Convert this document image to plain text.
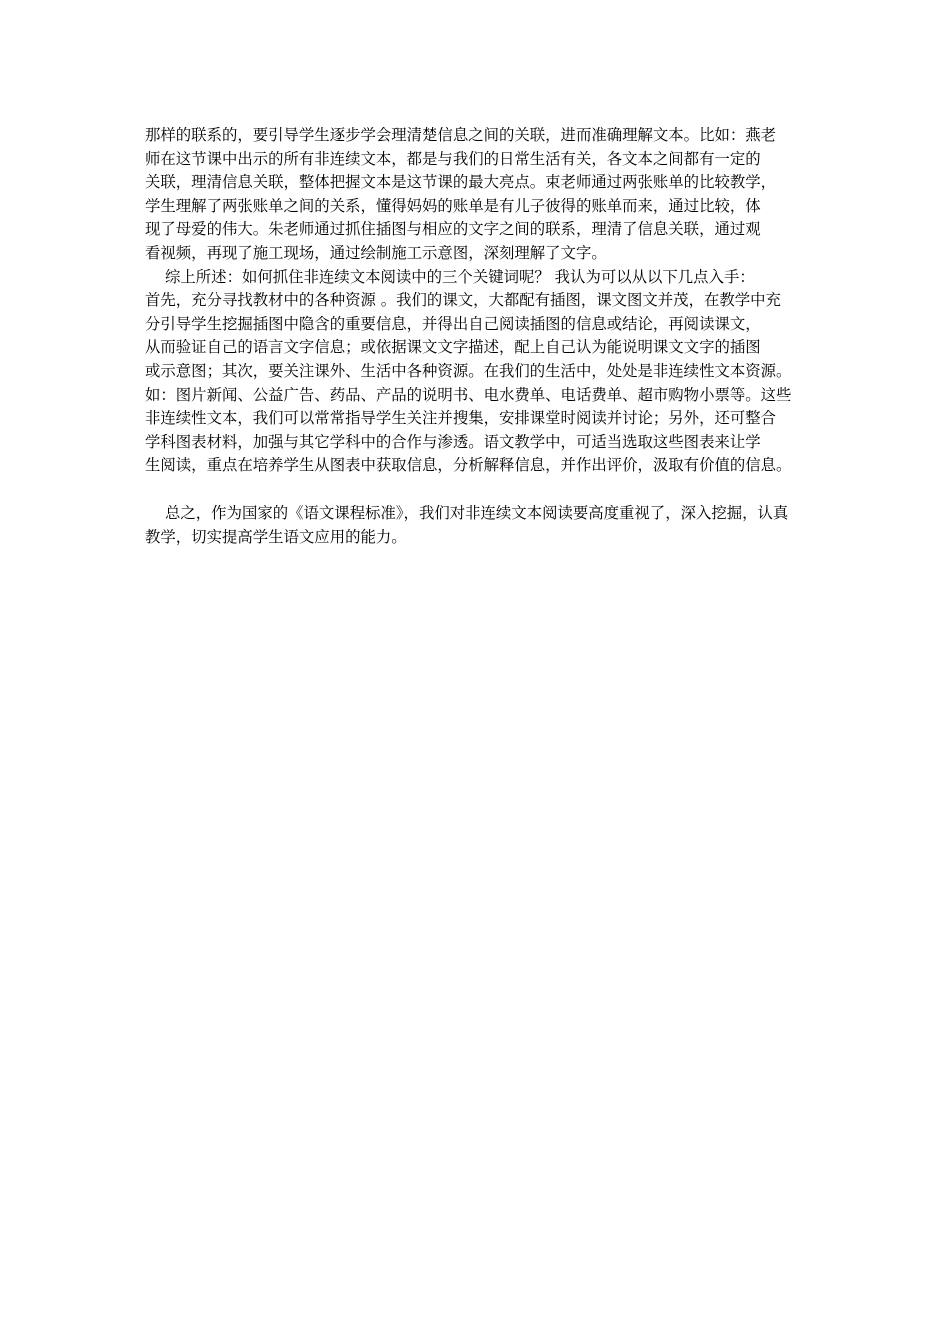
那样的联系的，要引导学生逐步学会理清楚信息之间的关联，进而准确理解文本。比如：燕老
师在这节课中出示的所有非连续文本，都是与我们的日常生活有关，各文本之间都有一定的
关联，理清信息关联，整体把握文本是这节课的最大亮点。束老师通过两张账单的比较教学，
学生理解了两张账单之间的关系，懂得妈妈的账单是有儿子彼得的账单而来，通过比较，体
现了母爱的伟大。朱老师通过抓住插图与相应的文字之间的联系，理清了信息关联，通过观
看视频，再现了施工现场，通过绘制施工示意图，深刻理解了文字。
综上所述：如何抓住非连续文本阅读中的三个关键词呢？ 我认为可以从以下几点入手：
首先，充分寻找教材中的各种资源 。我们的课文，大都配有插图，课文图文并茂，在教学中充
分引导学生挖掘插图中隐含的重要信息，并得出自己阅读插图的信息或结论，再阅读课文，
从而验证自己的语言文字信息；或依据课文文字描述，配上自己认为能说明课文文字的插图
或示意图；其次，要关注课外、生活中各种资源。在我们的生活中，处处是非连续性文本资源。
如：图片新闻、公益广告、药品、产品的说明书、电水费单、电话费单、超市购物小票等。这些
非连续性文本，我们可以常常指导学生关注并搜集，安排课堂时阅读并讨论；另外，还可整合
学科图表材料，加强与其它学科中的合作与渗透。语文教学中，可适当选取这些图表来让学
生阅读，重点在培养学生从图表中获取信息，分析解释信息，并作出评价，汲取有价值的信息。
总之，作为国家的《语文课程标准》，我们对非连续文本阅读要高度重视了，深入挖掘，认真
教学，切实提高学生语文应用的能力。
